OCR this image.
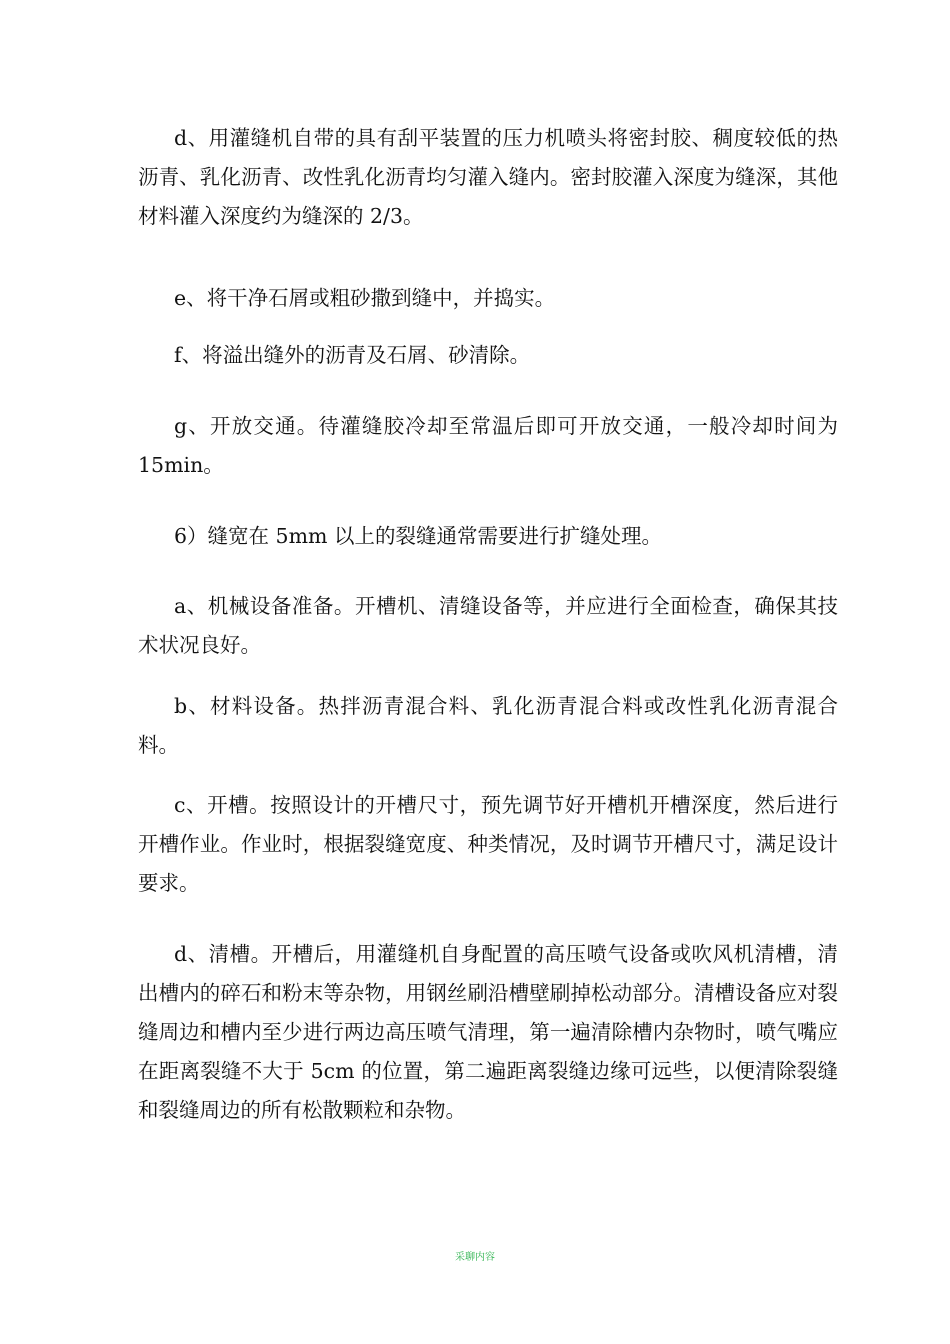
d、用灌缝机自带的具有刮平装置的压力机喷头将密封胶、稠度较低的热沥青、乳化沥青、改性乳化沥青均匀灌入缝内。密封胶灌入深度为缝深，其他材料灌入深度约为缝深的 2/3。

e、将干净石屑或粗砂撒到缝中，并捣实。

f、将溢出缝外的沥青及石屑、砂清除。

g、开放交通。待灌缝胶冷却至常温后即可开放交通，一般冷却时间为 15min。

6）缝宽在 5mm 以上的裂缝通常需要进行扩缝处理。

a、机械设备准备。开槽机、清缝设备等，并应进行全面检查，确保其技术状况良好。

b、材料设备。热拌沥青混合料、乳化沥青混合料或改性乳化沥青混合料。

c、开槽。按照设计的开槽尺寸，预先调节好开槽机开槽深度，然后进行开槽作业。作业时，根据裂缝宽度、种类情况，及时调节开槽尺寸，满足设计要求。

d、清槽。开槽后，用灌缝机自身配置的高压喷气设备或吹风机清槽，清出槽内的碎石和粉末等杂物，用钢丝刷沿槽壁刷掉松动部分。清槽设备应对裂缝周边和槽内至少进行两边高压喷气清理，第一遍清除槽内杂物时，喷气嘴应在距离裂缝不大于 5cm 的位置，第二遍距离裂缝边缘可远些，以便清除裂缝和裂缝周边的所有松散颗粒和杂物。

采聊内容
